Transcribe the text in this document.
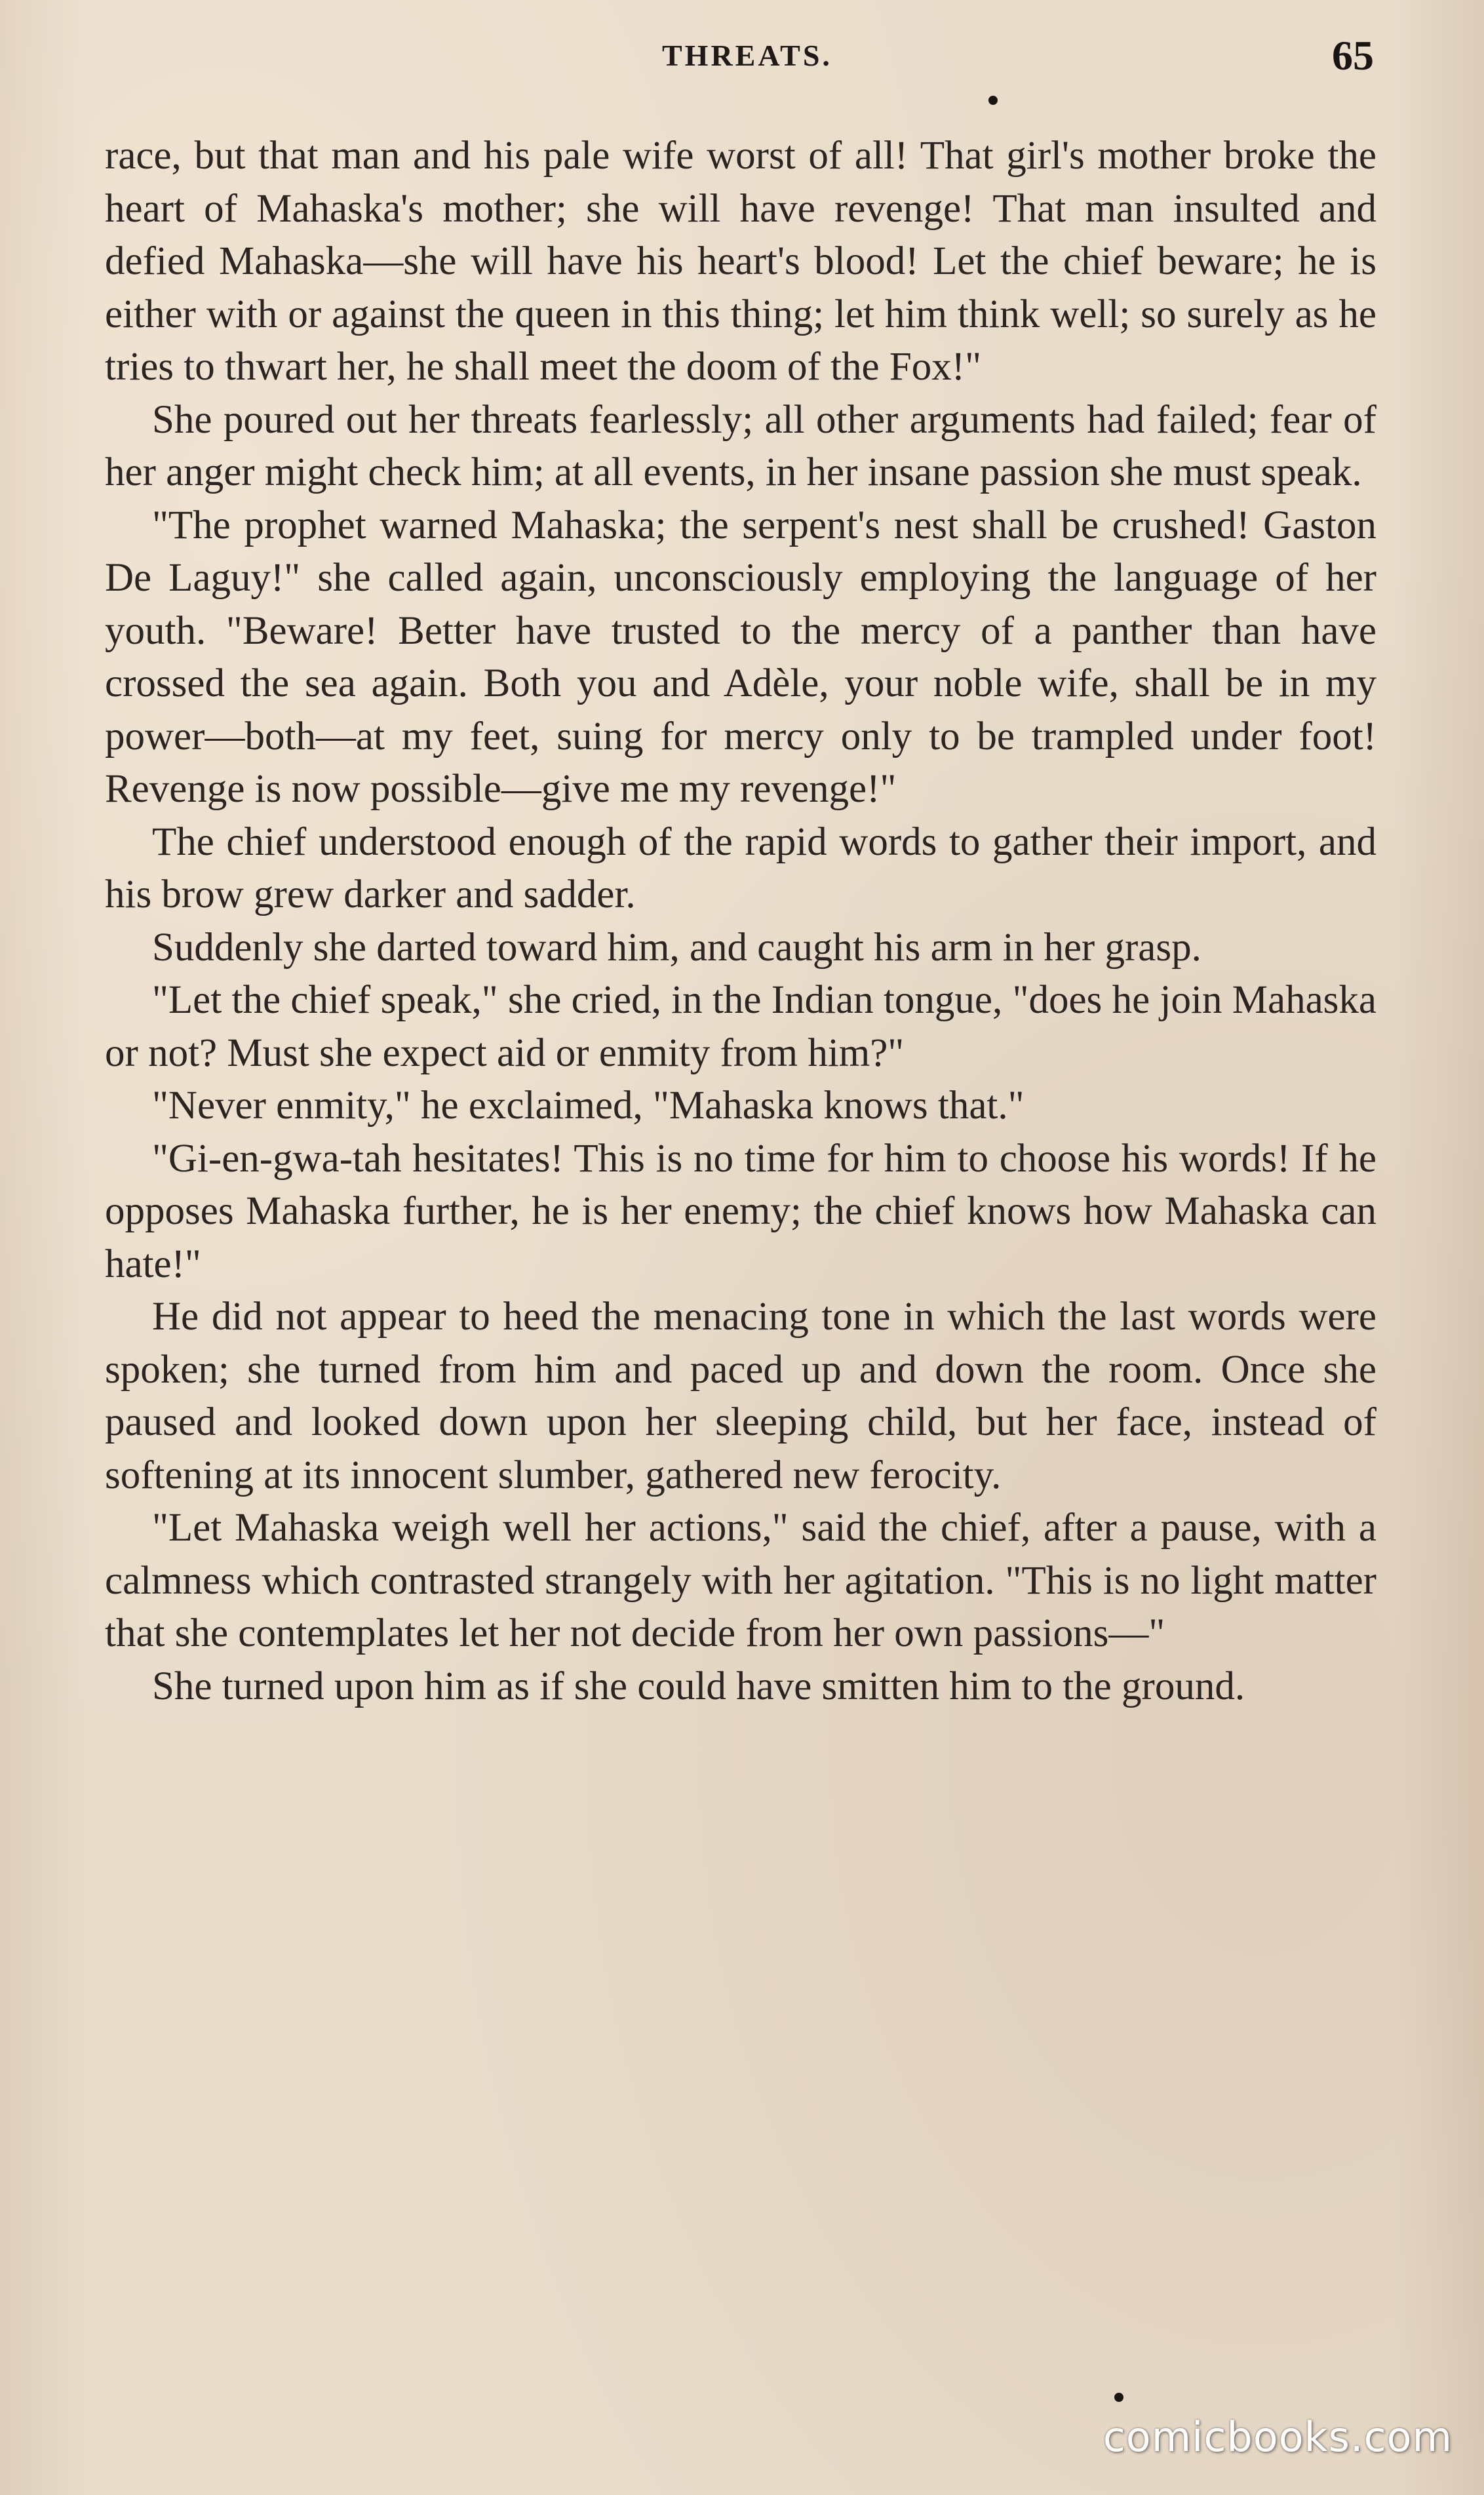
THREATS.	65

race, but that man and his pale wife worst of all! That girl's mother broke the heart of Mahaska's mother; she will have revenge! That man insulted and defied Mahaska—she will have his heart's blood! Let the chief beware; he is either with or against the queen in this thing; let him think well; so surely as he tries to thwart her, he shall meet the doom of the Fox!"

She poured out her threats fearlessly; all other arguments had failed; fear of her anger might check him; at all events, in her insane passion she must speak.

"The prophet warned Mahaska; the serpent's nest shall be crushed! Gaston De Laguy!" she called again, unconsciously employing the language of her youth. "Beware! Better have trusted to the mercy of a panther than have crossed the sea again. Both you and Adèle, your noble wife, shall be in my power—both—at my feet, suing for mercy only to be trampled under foot! Revenge is now possible—give me my revenge!"

The chief understood enough of the rapid words to gather their import, and his brow grew darker and sadder.

Suddenly she darted toward him, and caught his arm in her grasp.

"Let the chief speak," she cried, in the Indian tongue, "does he join Mahaska or not? Must she expect aid or enmity from him?"

"Never enmity," he exclaimed, "Mahaska knows that."

"Gi-en-gwa-tah hesitates! This is no time for him to choose his words! If he opposes Mahaska further, he is her enemy; the chief knows how Mahaska can hate!"

He did not appear to heed the menacing tone in which the last words were spoken; she turned from him and paced up and down the room. Once she paused and looked down upon her sleeping child, but her face, instead of softening at its innocent slumber, gathered new ferocity.

"Let Mahaska weigh well her actions," said the chief, after a pause, with a calmness which contrasted strangely with her agitation. "This is no light matter that she contemplates let her not decide from her own passions—"

She turned upon him as if she could have smitten him to the ground.

comicbooks.com
